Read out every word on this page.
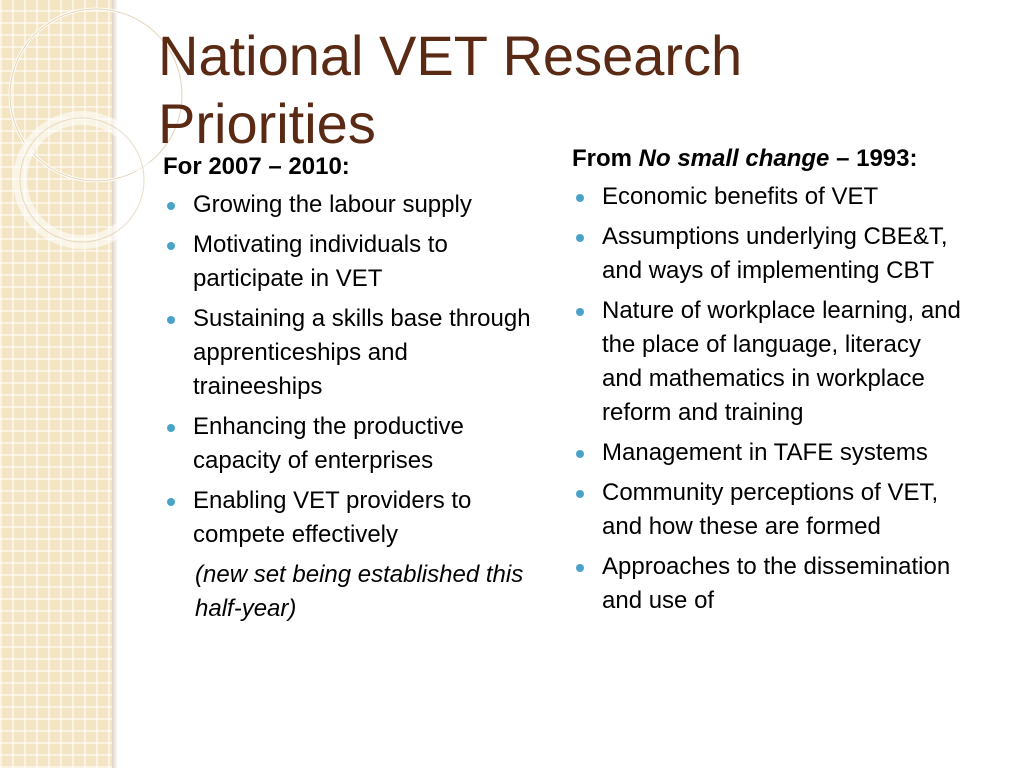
National VET Research Priorities

For 2007 – 2010:

Growing the labour supply
Motivating individuals to participate in VET
Sustaining a skills base through apprenticeships and traineeships
Enhancing the productive capacity of enterprises
Enabling VET providers to compete effectively
(new set being established this
half-year)

From No small change – 1993:

Economic benefits of VET
Assumptions underlying CBE&T, and ways of implementing CBT
Nature of workplace learning, and the place of language, literacy and mathematics in workplace reform and training
Management in TAFE systems
Community perceptions of VET, and how these are formed
Approaches to the dissemination and use of
